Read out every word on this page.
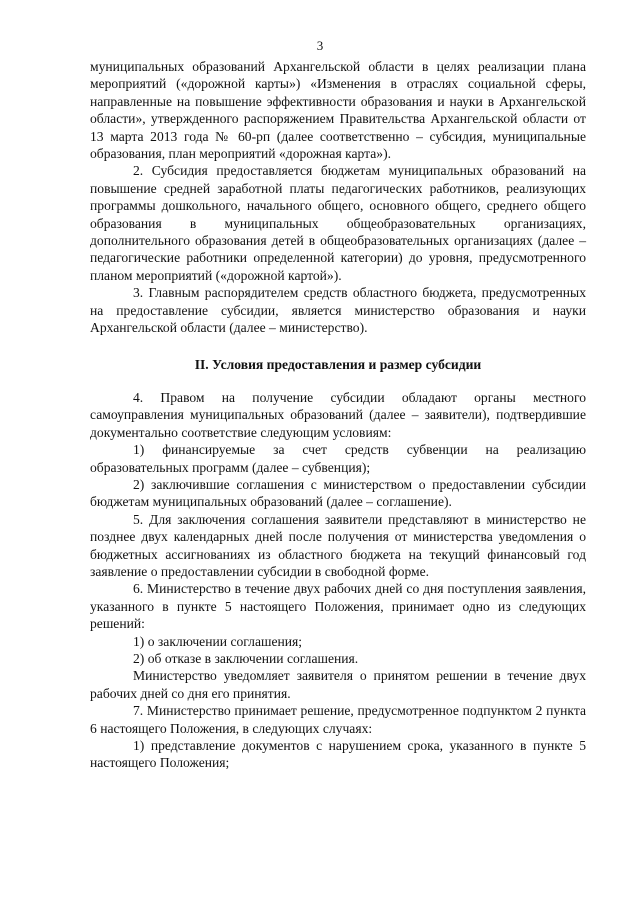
3

муниципальных образований Архангельской области в целях реализации плана мероприятий («дорожной карты») «Изменения в отраслях социальной сферы, направленные на повышение эффективности образования и науки в Архангельской области», утвержденного распоряжением Правительства Архангельской области от 13 марта 2013 года № 60-рп (далее соответственно – субсидия, муниципальные образования, план мероприятий «дорожная карта»).

2. Субсидия предоставляется бюджетам муниципальных образований на повышение средней заработной платы педагогических работников, реализующих программы дошкольного, начального общего, основного общего, среднего общего образования в муниципальных общеобразовательных организациях, дополнительного образования детей в общеобразовательных организациях (далее – педагогические работники определенной категории) до уровня, предусмотренного планом мероприятий («дорожной картой»).

3. Главным распорядителем средств областного бюджета, предусмотренных на предоставление субсидии, является министерство образования и науки Архангельской области (далее – министерство).

II. Условия предоставления и размер субсидии

4. Правом на получение субсидии обладают органы местного самоуправления муниципальных образований (далее – заявители), подтвердившие документально соответствие следующим условиям:

1) финансируемые за счет средств субвенции на реализацию образовательных программ (далее – субвенция);

2) заключившие соглашения с министерством о предоставлении субсидии бюджетам муниципальных образований (далее – соглашение).

5. Для заключения соглашения заявители представляют в министерство не позднее двух календарных дней после получения от министерства уведомления о бюджетных ассигнованиях из областного бюджета на текущий финансовый год заявление о предоставлении субсидии в свободной форме.

6. Министерство в течение двух рабочих дней со дня поступления заявления, указанного в пункте 5 настоящего Положения, принимает одно из следующих решений:

1) о заключении соглашения;

2) об отказе в заключении соглашения.

Министерство уведомляет заявителя о принятом решении в течение двух рабочих дней со дня его принятия.

7. Министерство принимает решение, предусмотренное подпунктом 2 пункта 6 настоящего Положения, в следующих случаях:

1) представление документов с нарушением срока, указанного в пункте 5 настоящего Положения;
